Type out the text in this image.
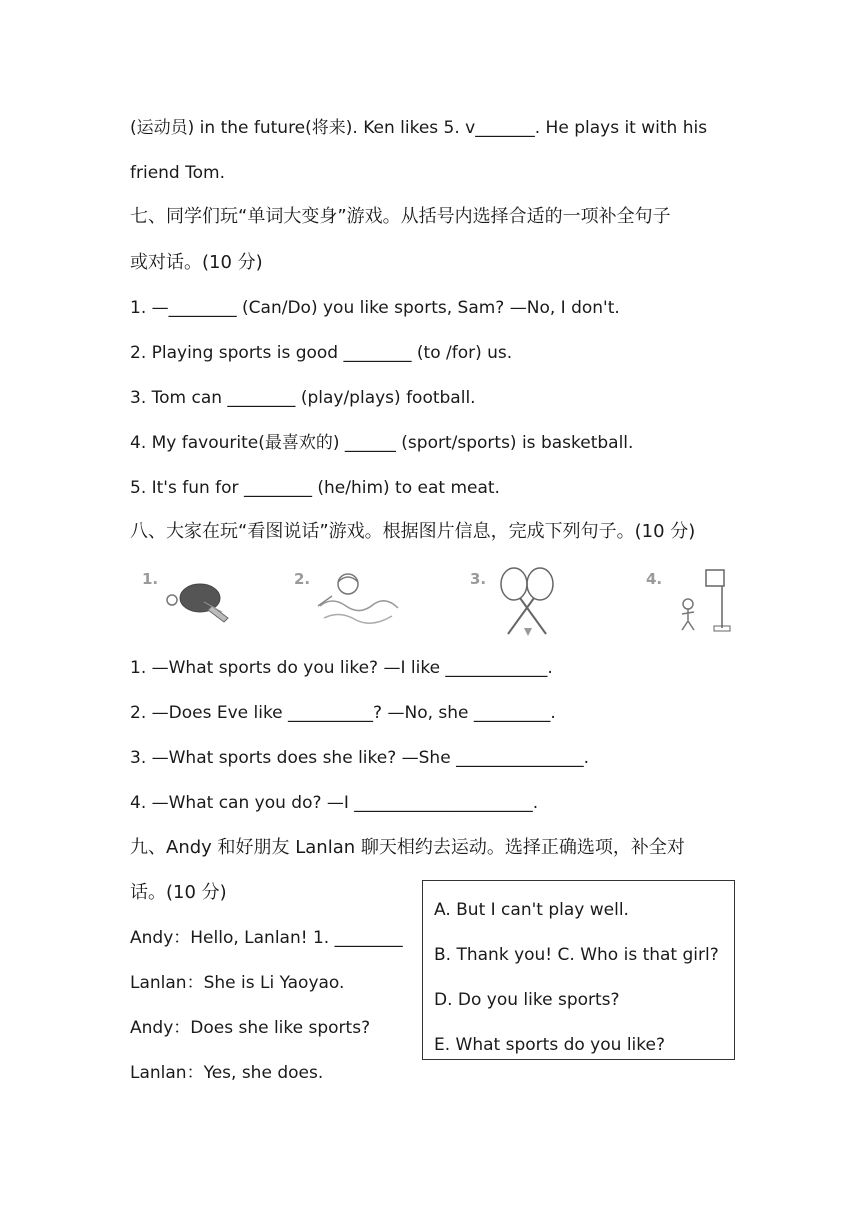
(运动员) in the future(将来). Ken likes 5. v_______. He plays it with his
friend Tom.
七、同学们玩“单词大变身”游戏。从括号内选择合适的一项补全句子
或对话。(10 分)
1. —________ (Can/Do) you like sports, Sam? —No, I don't.
2. Playing sports is good ________ (to /for) us.
3. Tom can ________ (play/plays) football.
4. My favourite(最喜欢的) ______ (sport/sports) is basketball.
5. It's fun for ________ (he/him) to eat meat.
八、大家在玩“看图说话”游戏。根据图片信息，完成下列句子。(10 分)
1.	2.	3.	4.
1. —What sports do you like? —I like ____________.
2. —Does Eve like __________? —No, she _________.
3. —What sports does she like? —She _______________.
4. —What can you do? —I _____________________.
九、Andy 和好朋友 Lanlan 聊天相约去运动。选择正确选项，补全对
话。(10 分)
Andy：Hello, Lanlan! 1. ________
Lanlan：She is Li Yaoyao.
Andy：Does she like sports?
Lanlan：Yes, she does.
A. But I can't play well.
B. Thank you! C. Who is that girl?
D. Do you like sports?
E. What sports do you like?
